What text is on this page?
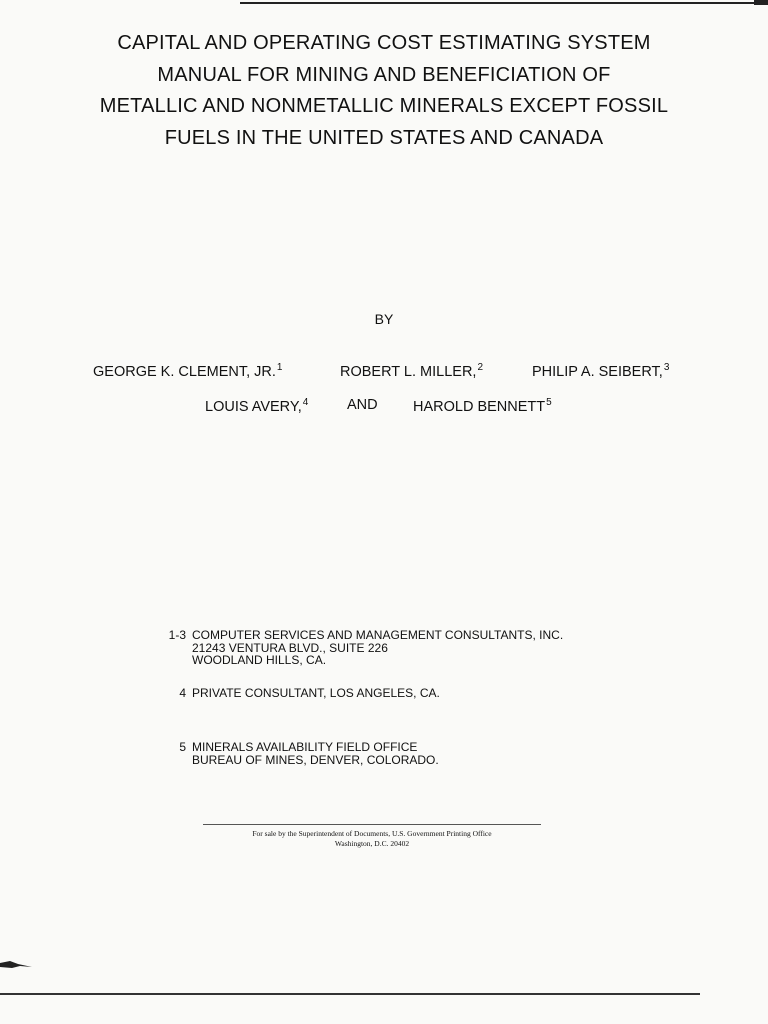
CAPITAL AND OPERATING COST ESTIMATING SYSTEM
MANUAL FOR MINING AND BENEFICIATION OF
METALLIC AND NONMETALLIC MINERALS EXCEPT FOSSIL
FUELS IN THE UNITED STATES AND CANADA
BY
GEORGE K. CLEMENT, JR.$^1$	ROBERT L. MILLER,$^2$	PHILIP A. SEIBERT,$^3$
LOUIS AVERY,$^4$	AND HAROLD BENNETT$^5$
1-3 COMPUTER SERVICES AND MANAGEMENT CONSULTANTS, INC.
21243 VENTURA BLVD., SUITE 226
WOODLAND HILLS, CA.
4 PRIVATE CONSULTANT, LOS ANGELES, CA.
5 MINERALS AVAILABILITY FIELD OFFICE
BUREAU OF MINES, DENVER, COLORADO.
For sale by the Superintendent of Documents, U.S. Government Printing Office
Washington, D.C. 20402
